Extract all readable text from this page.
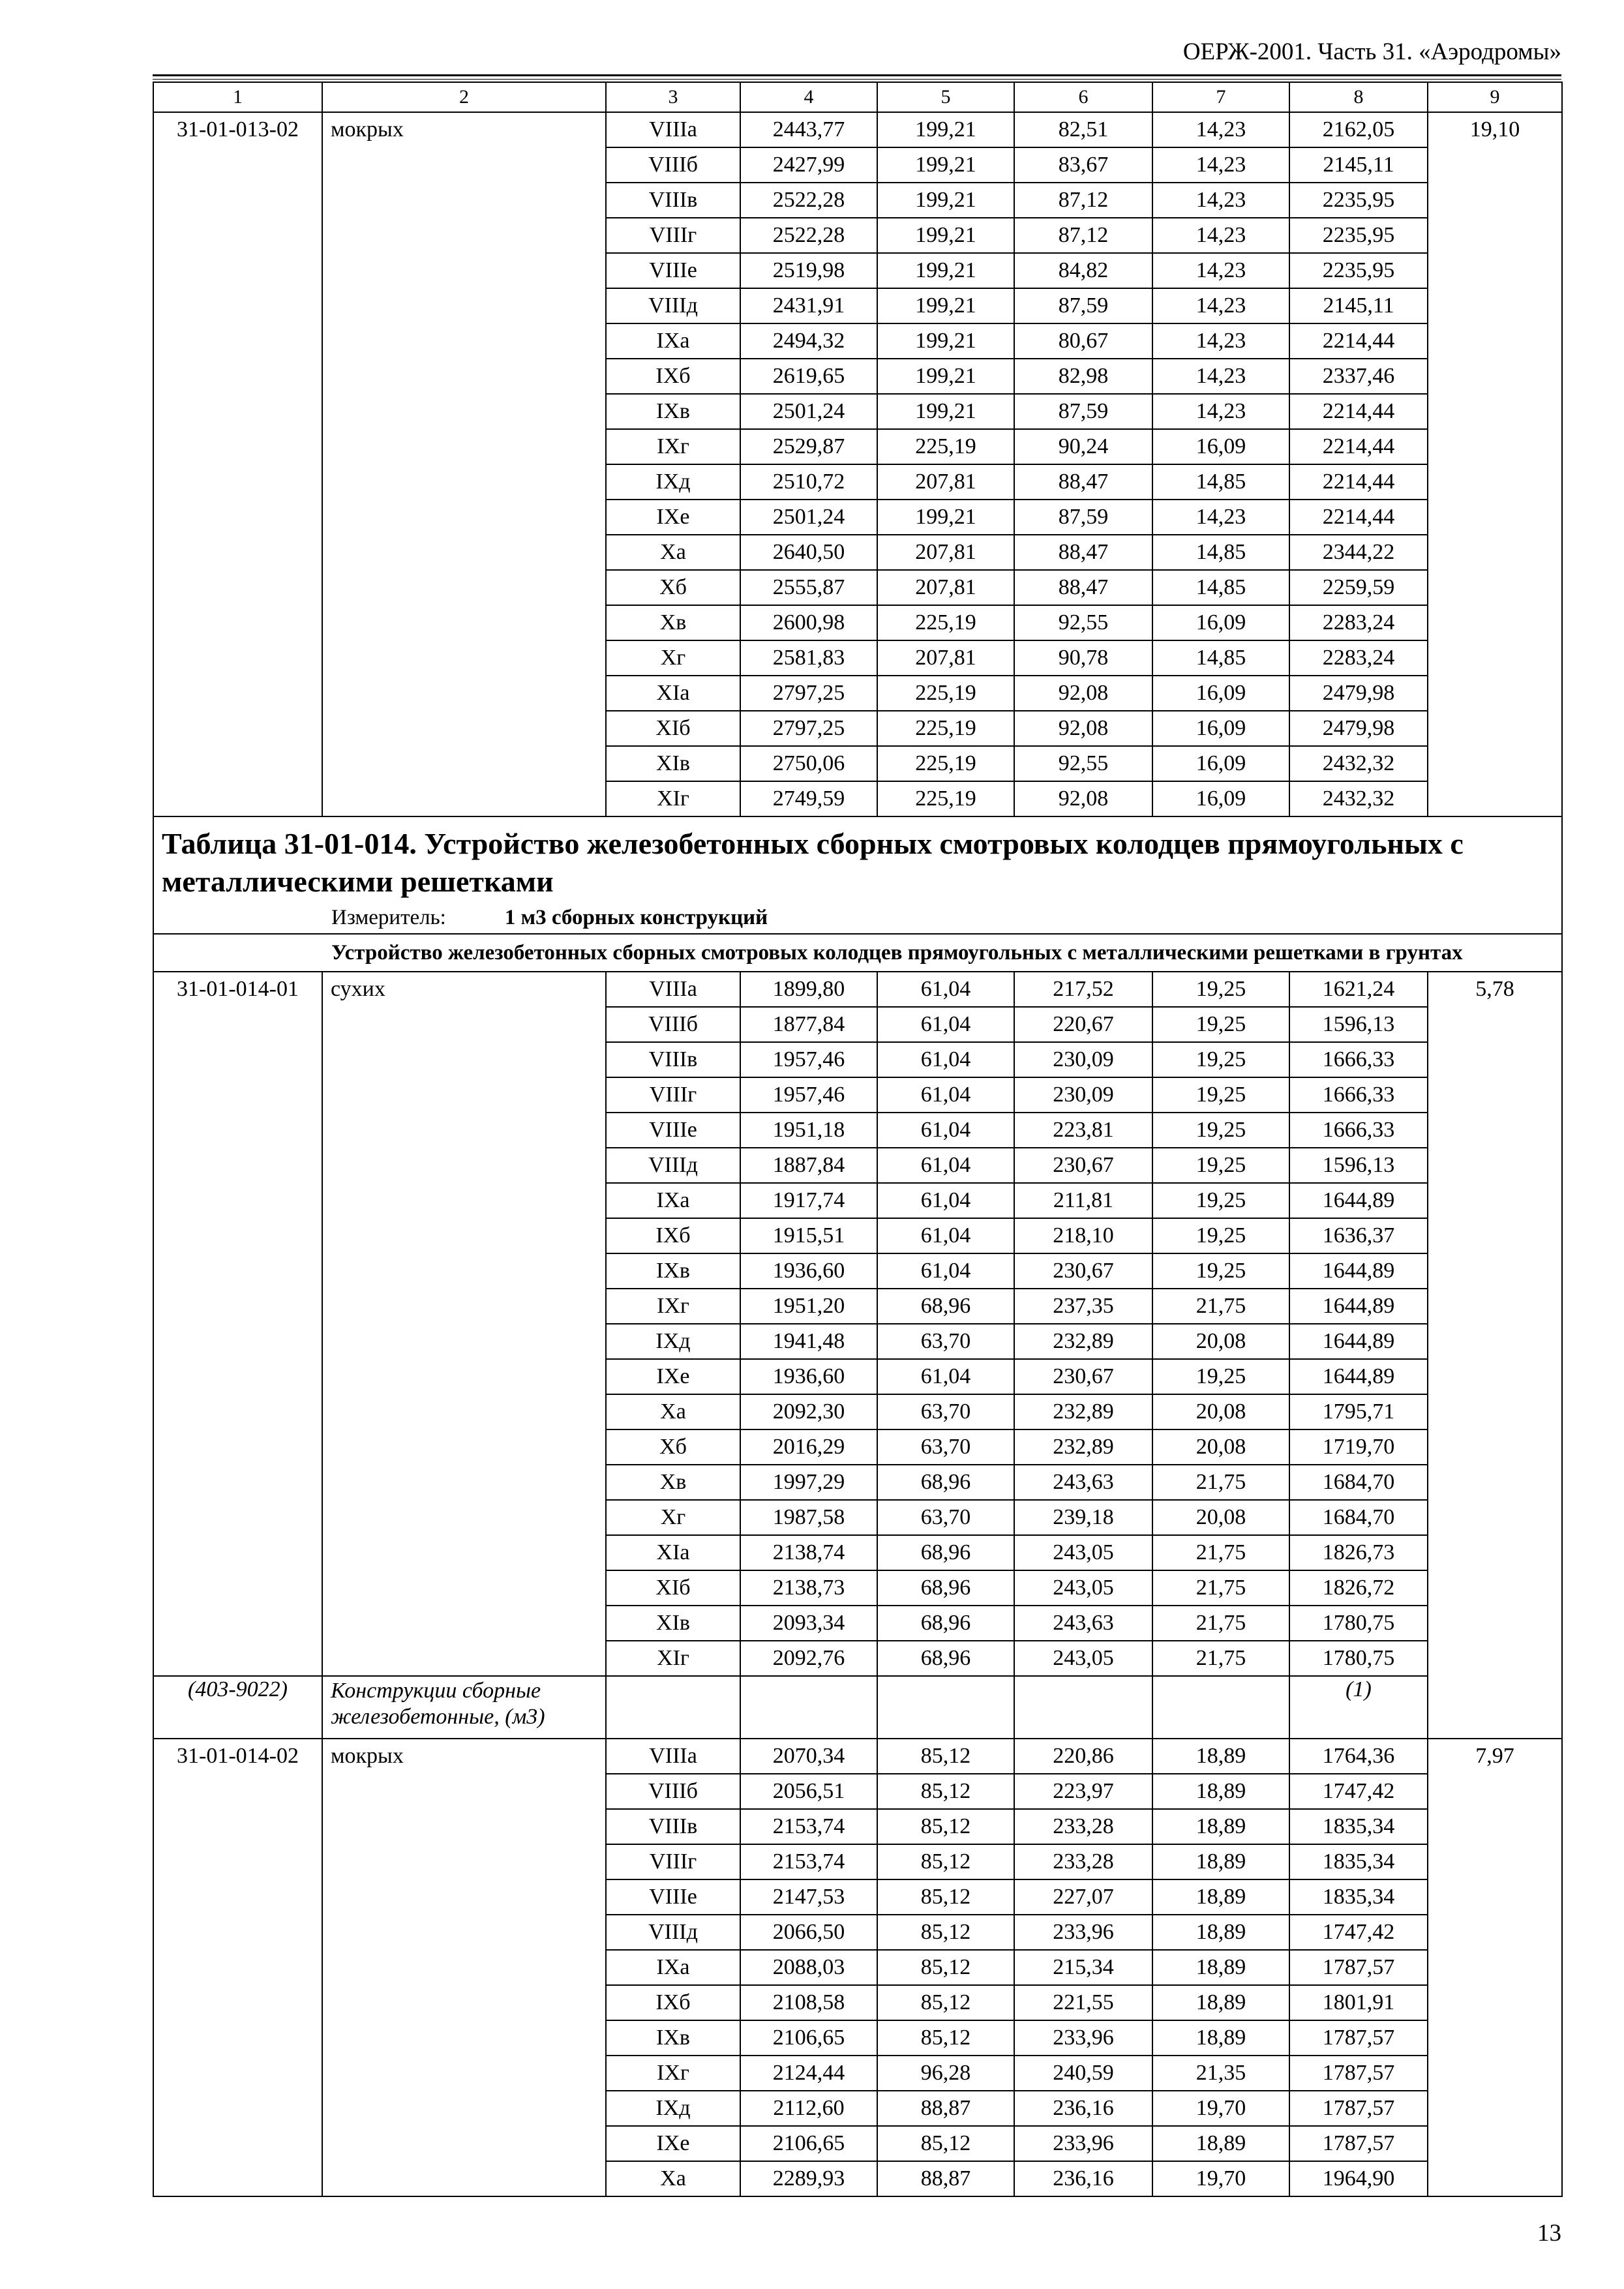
ОЕРЖ-2001. Часть 31. «Аэродромы»
1	2	3	4	5	6	7	8	9
31-01-013-02	мокрых	VIIIа	2443,77	199,21	82,51	14,23	2162,05	19,10
		VIIIб	2427,99	199,21	83,67	14,23	2145,11	
		VIIIв	2522,28	199,21	87,12	14,23	2235,95	
		VIIIг	2522,28	199,21	87,12	14,23	2235,95	
		VIIIе	2519,98	199,21	84,82	14,23	2235,95	
		VIIIд	2431,91	199,21	87,59	14,23	2145,11	
		IXа	2494,32	199,21	80,67	14,23	2214,44	
		IXб	2619,65	199,21	82,98	14,23	2337,46	
		IXв	2501,24	199,21	87,59	14,23	2214,44	
		IXг	2529,87	225,19	90,24	16,09	2214,44	
		IXд	2510,72	207,81	88,47	14,85	2214,44	
		IXе	2501,24	199,21	87,59	14,23	2214,44	
		Xа	2640,50	207,81	88,47	14,85	2344,22	
		Xб	2555,87	207,81	88,47	14,85	2259,59	
		Xв	2600,98	225,19	92,55	16,09	2283,24	
		Xг	2581,83	207,81	90,78	14,85	2283,24	
		XIа	2797,25	225,19	92,08	16,09	2479,98	
		XIб	2797,25	225,19	92,08	16,09	2479,98	
		XIв	2750,06	225,19	92,55	16,09	2432,32	
		XIг	2749,59	225,19	92,08	16,09	2432,32	

Таблица 31-01-014. Устройство железобетонных сборных смотровых колодцев прямоугольных с металлическими решетками
Измеритель: 1 м3 сборных конструкций								

Устройство железобетонных сборных смотровых колодцев прямоугольных с металлическими решетками в грунтах								
31-01-014-01	сухих	VIIIа	1899,80	61,04	217,52	19,25	1621,24	5,78
		VIIIб	1877,84	61,04	220,67	19,25	1596,13	
		VIIIв	1957,46	61,04	230,09	19,25	1666,33	
		VIIIг	1957,46	61,04	230,09	19,25	1666,33	
		VIIIе	1951,18	61,04	223,81	19,25	1666,33	
		VIIIд	1887,84	61,04	230,67	19,25	1596,13	
		IXа	1917,74	61,04	211,81	19,25	1644,89	
		IXб	1915,51	61,04	218,10	19,25	1636,37	
		IXв	1936,60	61,04	230,67	19,25	1644,89	
		IXг	1951,20	68,96	237,35	21,75	1644,89	
		IXд	1941,48	63,70	232,89	20,08	1644,89	
		IXе	1936,60	61,04	230,67	19,25	1644,89	
		Xа	2092,30	63,70	232,89	20,08	1795,71	
		Xб	2016,29	63,70	232,89	20,08	1719,70	
		Xв	1997,29	68,96	243,63	21,75	1684,70	
		Xг	1987,58	63,70	239,18	20,08	1684,70	
		XIа	2138,74	68,96	243,05	21,75	1826,73	
		XIб	2138,73	68,96	243,05	21,75	1826,72	
		XIв	2093,34	68,96	243,63	21,75	1780,75	
		XIг	2092,76	68,96	243,05	21,75	1780,75	
(403-9022)	Конструкции сборные железобетонные, (м3)						(1)	
31-01-014-02	мокрых	VIIIа	2070,34	85,12	220,86	18,89	1764,36	7,97
		VIIIб	2056,51	85,12	223,97	18,89	1747,42	
		VIIIв	2153,74	85,12	233,28	18,89	1835,34	
		VIIIг	2153,74	85,12	233,28	18,89	1835,34	
		VIIIе	2147,53	85,12	227,07	18,89	1835,34	
		VIIIд	2066,50	85,12	233,96	18,89	1747,42	
		IXа	2088,03	85,12	215,34	18,89	1787,57	
		IXб	2108,58	85,12	221,55	18,89	1801,91	
		IXв	2106,65	85,12	233,96	18,89	1787,57	
		IXг	2124,44	96,28	240,59	21,35	1787,57	
		IXд	2112,60	88,87	236,16	19,70	1787,57	
		IXе	2106,65	85,12	233,96	18,89	1787,57	
		Xа	2289,93	88,87	236,16	19,70	1964,90	
13
